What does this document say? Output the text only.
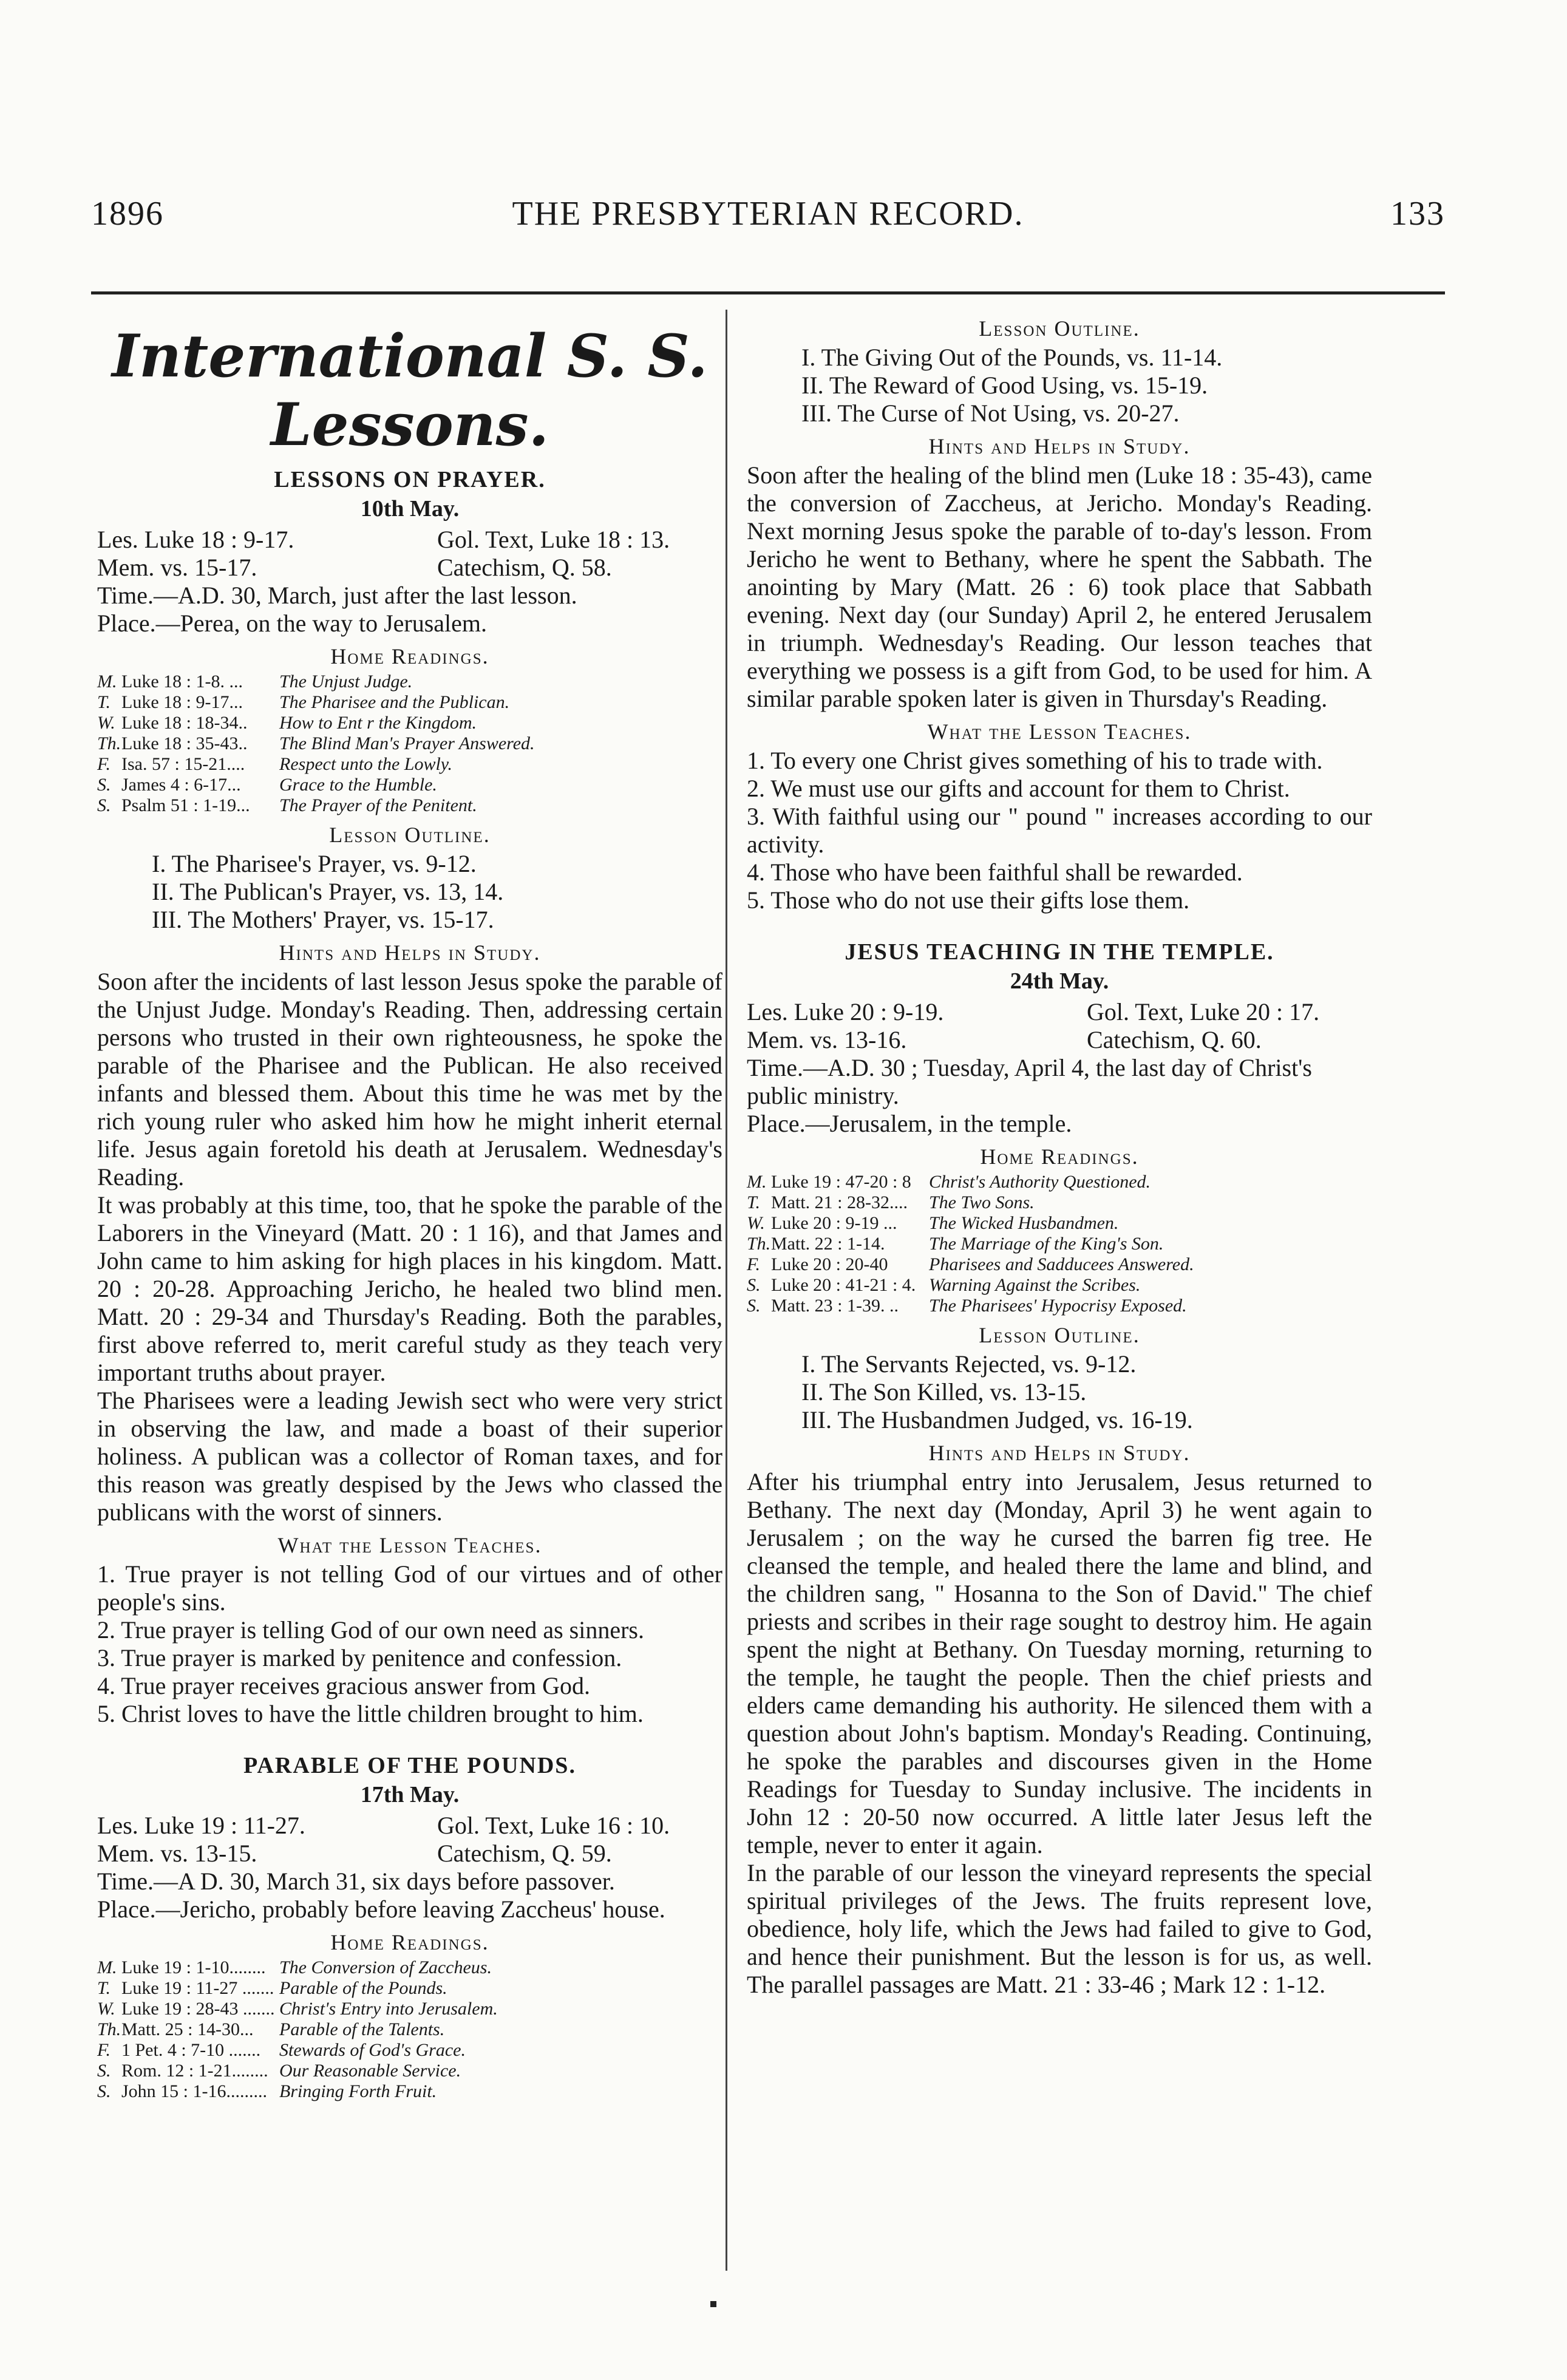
1896	THE PRESBYTERIAN RECORD.	133
International S. S. Lessons.
LESSONS ON PRAYER.
10th May.
Les. Luke 18 : 9-17.	Gol. Text, Luke 18 : 13.
Mem. vs. 15-17.	Catechism, Q. 58.

Time.—A.D. 30, March, just after the last lesson.

Place.—Perea, on the way to Jerusalem.

Home Readings.
M. Luke 18 : 1-8. ...	The Unjust Judge.
T. Luke 18 : 9-17...	The Pharisee and the Publican.
W. Luke 18 : 18-34..	How to Ent r the Kingdom.
Th. Luke 18 : 35-43..	The Blind Man's Prayer Answered.
F. Isa. 57 : 15-21....	Respect unto the Lowly.
S. James 4 : 6-17...	Grace to the Humble.
S. Psalm 51 : 1-19...	The Prayer of the Penitent.
Lesson Outline.

I. The Pharisee's Prayer, vs. 9-12.

II. The Publican's Prayer, vs. 13, 14.

III. The Mothers' Prayer, vs. 15-17.

Hints and Helps in Study.

Soon after the incidents of last lesson Jesus spoke the parable of the Unjust Judge. Monday's Reading. Then, addressing certain persons who trusted in their own righteousness, he spoke the parable of the Pharisee and the Publican. He also received infants and blessed them. About this time he was met by the rich young ruler who asked him how he might inherit eternal life. Jesus again foretold his death at Jerusalem. Wednesday's Reading.

It was probably at this time, too, that he spoke the parable of the Laborers in the Vineyard (Matt. 20 : 1 16), and that James and John came to him asking for high places in his kingdom. Matt. 20 : 20-28. Approaching Jericho, he healed two blind men. Matt. 20 : 29-34 and Thursday's Reading. Both the parables, first above referred to, merit careful study as they teach very important truths about prayer.

The Pharisees were a leading Jewish sect who were very strict in observing the law, and made a boast of their superior holiness. A publican was a collector of Roman taxes, and for this reason was greatly despised by the Jews who classed the publicans with the worst of sinners.

What the Lesson Teaches.

1. True prayer is not telling God of our virtues and of other people's sins.

2. True prayer is telling God of our own need as sinners.

3. True prayer is marked by penitence and confession.

4. True prayer receives gracious answer from God.

5. Christ loves to have the little children brought to him.

PARABLE OF THE POUNDS.
17th May.
Les. Luke 19 : 11-27.	Gol. Text, Luke 16 : 10.
Mem. vs. 13-15.	Catechism, Q. 59.

Time.—A D. 30, March 31, six days before passover.

Place.—Jericho, probably before leaving Zaccheus' house.

Home Readings.
M. Luke 19 : 1-10........ The Conversion of Zaccheus.
T. Luke 19 : 11-27 ....... Parable of the Pounds.
W. Luke 19 : 28-43 ....... Christ's Entry into Jerusalem.
Th. Matt. 25 : 14-30...	Parable of the Talents.
F. 1 Pet. 4 : 7-10 .......	Stewards of God's Grace.
S. Rom. 12 : 1-21........ Our Reasonable Service.
S. John 15 : 1-16......... Bringing Forth Fruit.
Lesson Outline.

I. The Giving Out of the Pounds, vs. 11-14.

II. The Reward of Good Using, vs. 15-19.

III. The Curse of Not Using, vs. 20-27.

Hints and Helps in Study.

Soon after the healing of the blind men (Luke 18 : 35-43), came the conversion of Zaccheus, at Jericho. Monday's Reading. Next morning Jesus spoke the parable of to-day's lesson. From Jericho he went to Bethany, where he spent the Sabbath. The anointing by Mary (Matt. 26 : 6) took place that Sabbath evening. Next day (our Sunday) April 2, he entered Jerusalem in triumph. Wednesday's Reading. Our lesson teaches that everything we possess is a gift from God, to be used for him. A similar parable spoken later is given in Thursday's Reading.

What the Lesson Teaches.

1. To every one Christ gives something of his to trade with.

2. We must use our gifts and account for them to Christ.

3. With faithful using our " pound " increases according to our activity.

4. Those who have been faithful shall be rewarded.

5. Those who do not use their gifts lose them.

JESUS TEACHING IN THE TEMPLE.
24th May.
Les. Luke 20 : 9-19.	Gol. Text, Luke 20 : 17.
Mem. vs. 13-16.	Catechism, Q. 60.

Time.—A.D. 30 ; Tuesday, April 4, the last day of Christ's public ministry.

Place.—Jerusalem, in the temple.

Home Readings.
M. Luke 19 : 47-20 : 8 Christ's Authority Questioned.
T. Matt. 21 : 28-32....	The Two Sons.
W. Luke 20 : 9-19 ...	The Wicked Husbandmen.
Th. Matt. 22 : 1-14.	The Marriage of the King's Son.
F. Luke 20 : 20-40	Pharisees and Sadducees Answered.
S. Luke 20 : 41-21 : 4. Warning Against the Scribes.
S. Matt. 23 : 1-39. ..	The Pharisees' Hypocrisy Exposed.
Lesson Outline.

I. The Servants Rejected, vs. 9-12.

II. The Son Killed, vs. 13-15.

III. The Husbandmen Judged, vs. 16-19.

Hints and Helps in Study.

After his triumphal entry into Jerusalem, Jesus returned to Bethany. The next day (Monday, April 3) he went again to Jerusalem ; on the way he cursed the barren fig tree. He cleansed the temple, and healed there the lame and blind, and the children sang, " Hosanna to the Son of David." The chief priests and scribes in their rage sought to destroy him. He again spent the night at Bethany. On Tuesday morning, returning to the temple, he taught the people. Then the chief priests and elders came demanding his authority. He silenced them with a question about John's baptism. Monday's Reading. Continuing, he spoke the parables and discourses given in the Home Readings for Tuesday to Sunday inclusive. The incidents in John 12 : 20-50 now occurred. A little later Jesus left the temple, never to enter it again.

In the parable of our lesson the vineyard represents the special spiritual privileges of the Jews. The fruits represent love, obedience, holy life, which the Jews had failed to give to God, and hence their punishment. But the lesson is for us, as well. The parallel passages are Matt. 21 : 33-46 ; Mark 12 : 1-12.
